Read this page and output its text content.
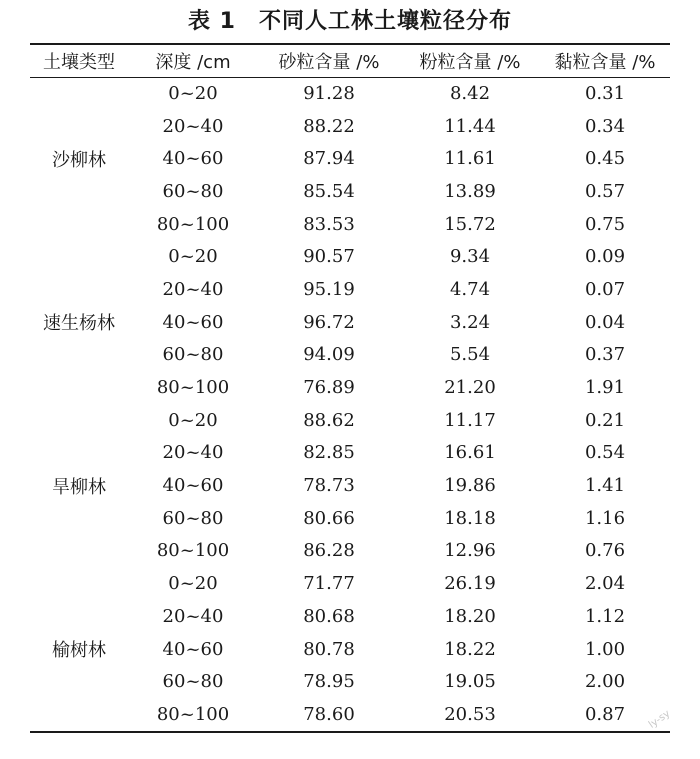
表 1　不同人工林土壤粒径分布
土壤类型	深度 /cm	砂粒含量 /%	粉粒含量 /%	黏粒含量 /%
沙柳林	0~20	91.28	8.42	0.31
	20~40	88.22	11.44	0.34
	40~60	87.94	11.61	0.45
	60~80	85.54	13.89	0.57
	80~100	83.53	15.72	0.75
速生杨林	0~20	90.57	9.34	0.09
	20~40	95.19	4.74	0.07
	40~60	96.72	3.24	0.04
	60~80	94.09	5.54	0.37
	80~100	76.89	21.20	1.91
旱柳林	0~20	88.62	11.17	0.21
	20~40	82.85	16.61	0.54
	40~60	78.73	19.86	1.41
	60~80	80.66	18.18	1.16
	80~100	86.28	12.96	0.76
榆树林	0~20	71.77	26.19	2.04
	20~40	80.68	18.20	1.12
	40~60	80.78	18.22	1.00
	60~80	78.95	19.05	2.00
	80~100	78.60	20.53	0.87 ly-sy
